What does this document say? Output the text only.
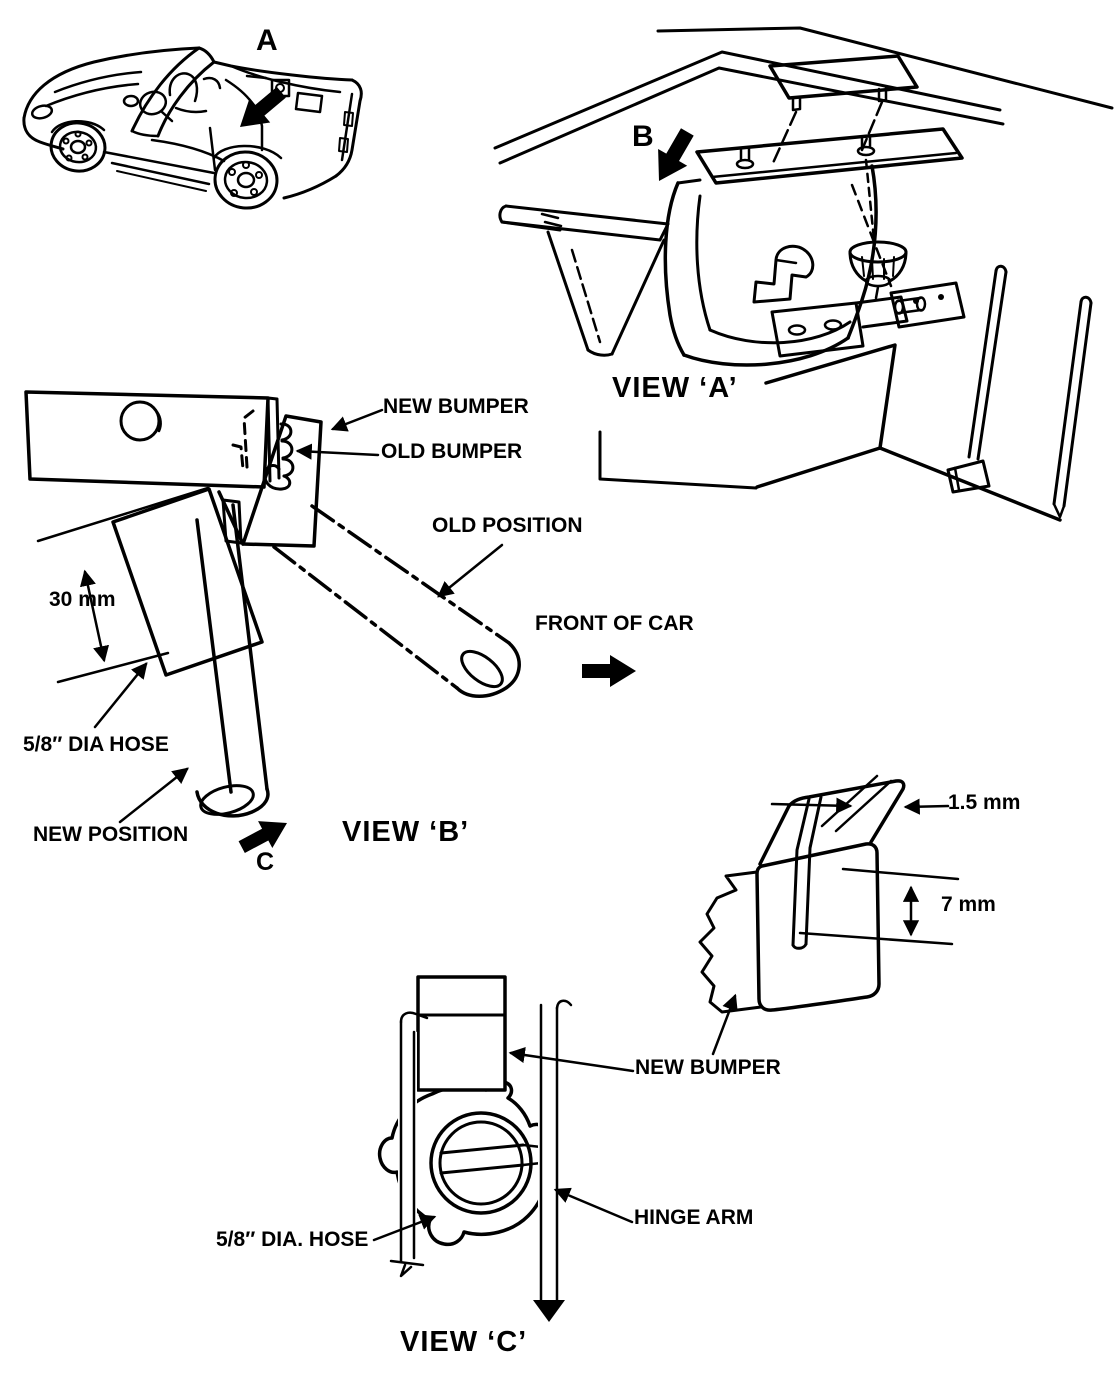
A
B
VIEW ‘A’
NEW BUMPER
OLD BUMPER
OLD POSITION
FRONT OF CAR
30 mm
5/8″ DIA HOSE
NEW POSITION
C
VIEW ‘B’
1.5 mm
7 mm
NEW BUMPER
HINGE ARM
5/8″ DIA. HOSE
VIEW ‘C’
